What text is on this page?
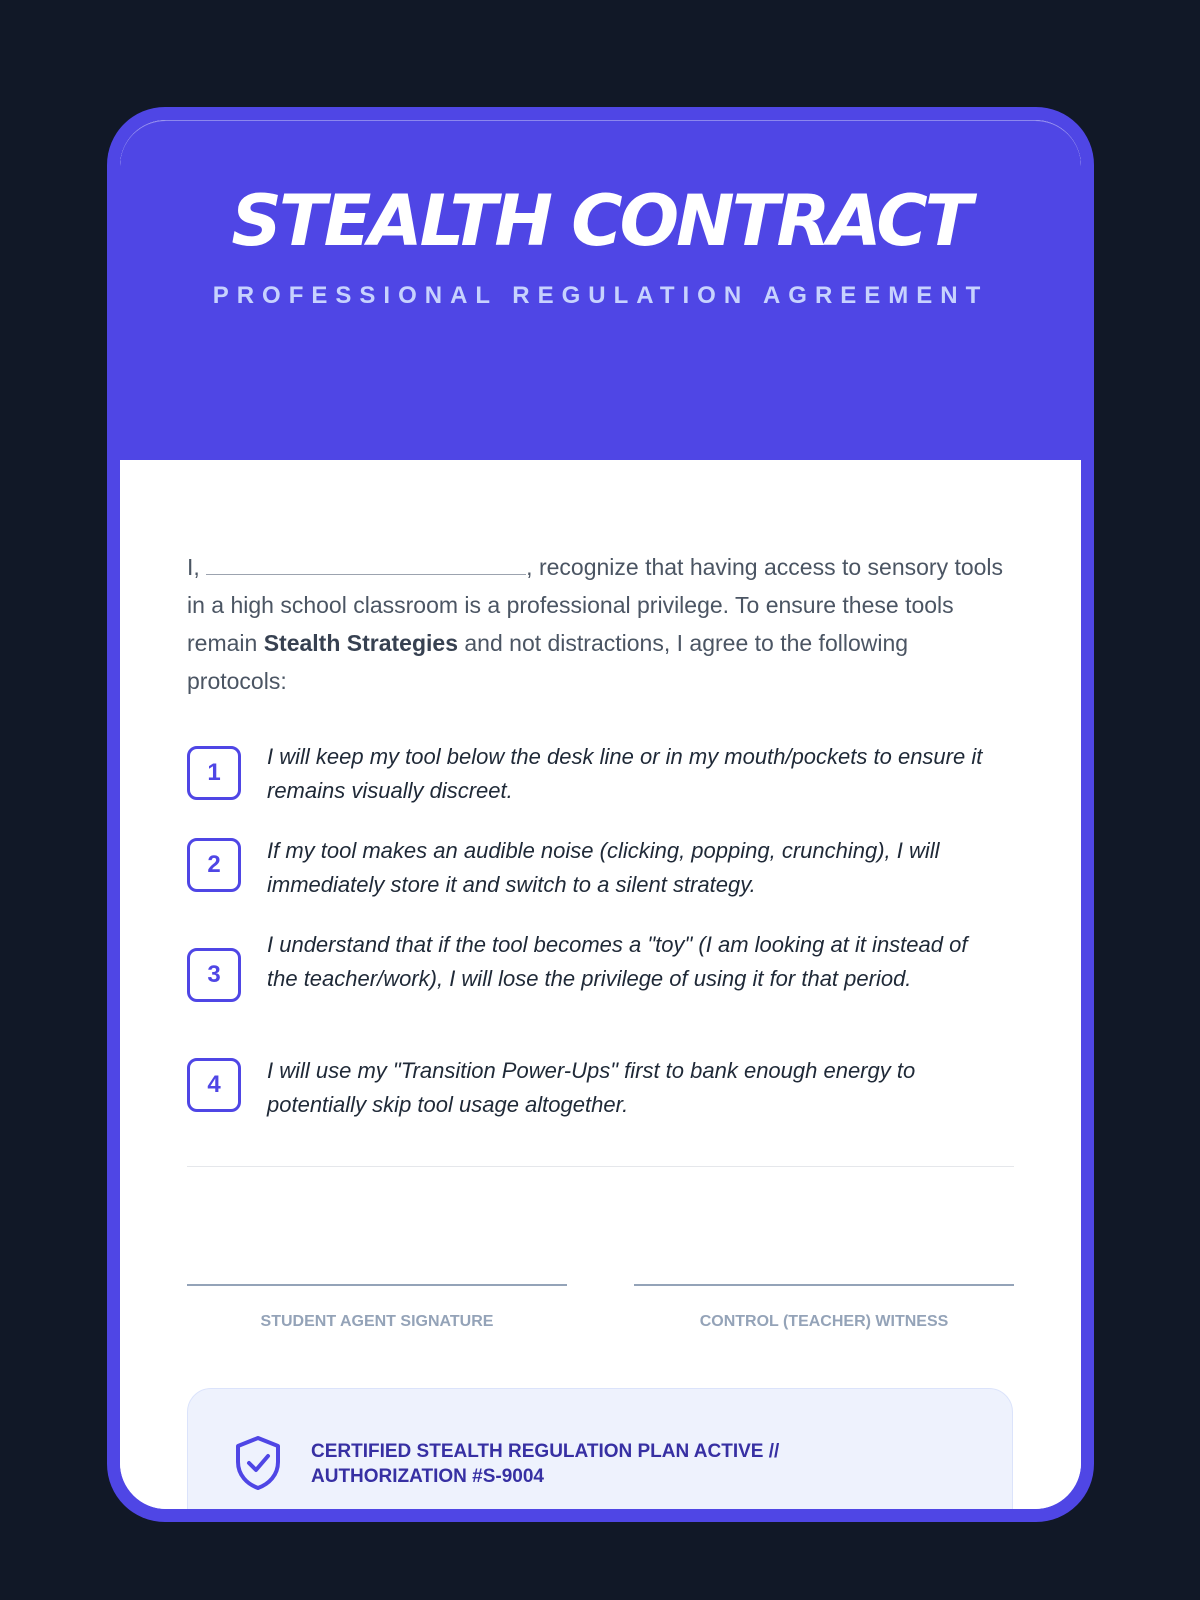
STEALTH CONTRACT
PROFESSIONAL REGULATION AGREEMENT

I,	, recognize that having access to sensory tools in a high school classroom is a professional privilege. To ensure these tools remain Stealth Strategies and not distractions, I agree to the following protocols:

1

I will keep my tool below the desk line or in my mouth/pockets to ensure it remains visually discreet.

2

If my tool makes an audible noise (clicking, popping, crunching), I will immediately store it and switch to a silent strategy.

3

I understand that if the tool becomes a "toy" (I am looking at it instead of the teacher/work), I will lose the privilege of using it for that period.

4

I will use my "Transition Power-Ups" first to bank enough energy to potentially skip tool usage altogether.

STUDENT AGENT SIGNATURE	CONTROL (TEACHER) WITNESS

CERTIFIED STEALTH REGULATION PLAN ACTIVE //
AUTHORIZATION #S-9004
